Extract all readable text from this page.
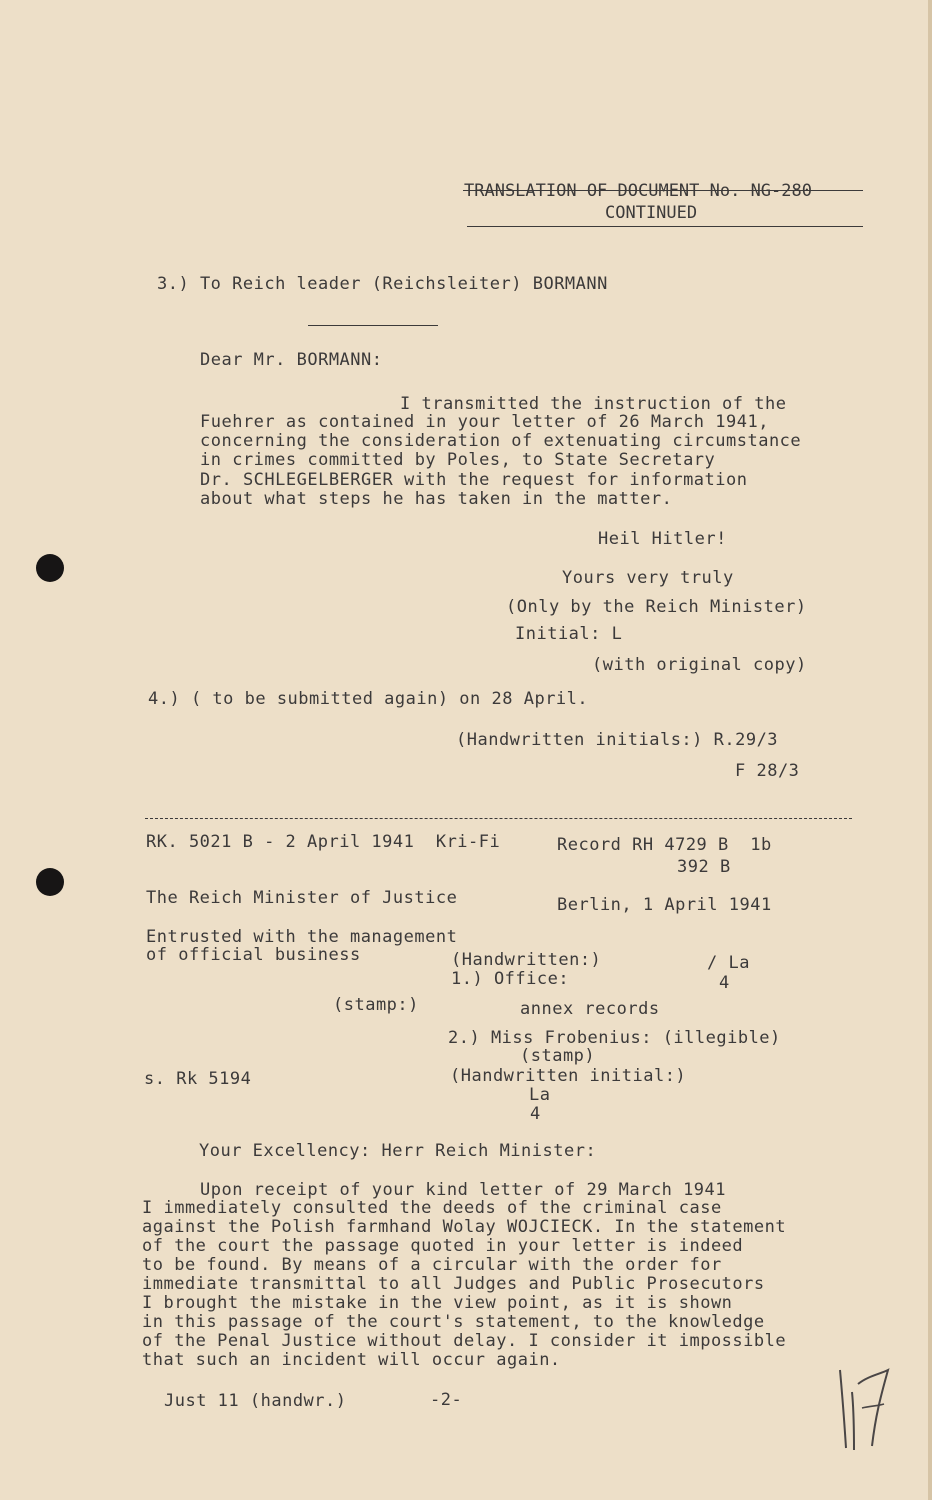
TRANSLATION OF DOCUMENT No. NG-280
CONTINUED
3.) To Reich leader (Reichsleiter) BORMANN
Dear Mr. BORMANN:
I transmitted the instruction of the
Fuehrer as contained in your letter of 26 March 1941,
concerning the consideration of extenuating circumstance
in crimes committed by Poles, to State Secretary
Dr. SCHLEGELBERGER with the request for information
about what steps he has taken in the matter.
Heil Hitler!
Yours very truly
(Only by the Reich Minister)
Initial: L
(with original copy)
4.) ( to be submitted again) on 28 April.
(Handwritten initials:) R.29/3
F 28/3
RK. 5021 B - 2 April 1941  Kri-Fi	Record RH 4729 B  1b
392 B
The Reich Minister of Justice	Berlin, 1 April 1941
Entrusted with the management
of official business	(Handwritten:)	/ La
1.) Office:	4
(stamp:)	annex records
2.) Miss Frobenius: (illegible)
(stamp)
s. Rk 5194	(Handwritten initial:)
La
4
Your Excellency: Herr Reich Minister:
Upon receipt of your kind letter of 29 March 1941
I immediately consulted the deeds of the criminal case
against the Polish farmhand Wolay WOJCIECK. In the statement
of the court the passage quoted in your letter is indeed
to be found. By means of a circular with the order for
immediate transmittal to all Judges and Public Prosecutors
I brought the mistake in the view point, as it is shown
in this passage of the court's statement, to the knowledge
of the Penal Justice without delay. I consider it impossible
that such an incident will occur again.
Just 11 (handwr.)	-2-
